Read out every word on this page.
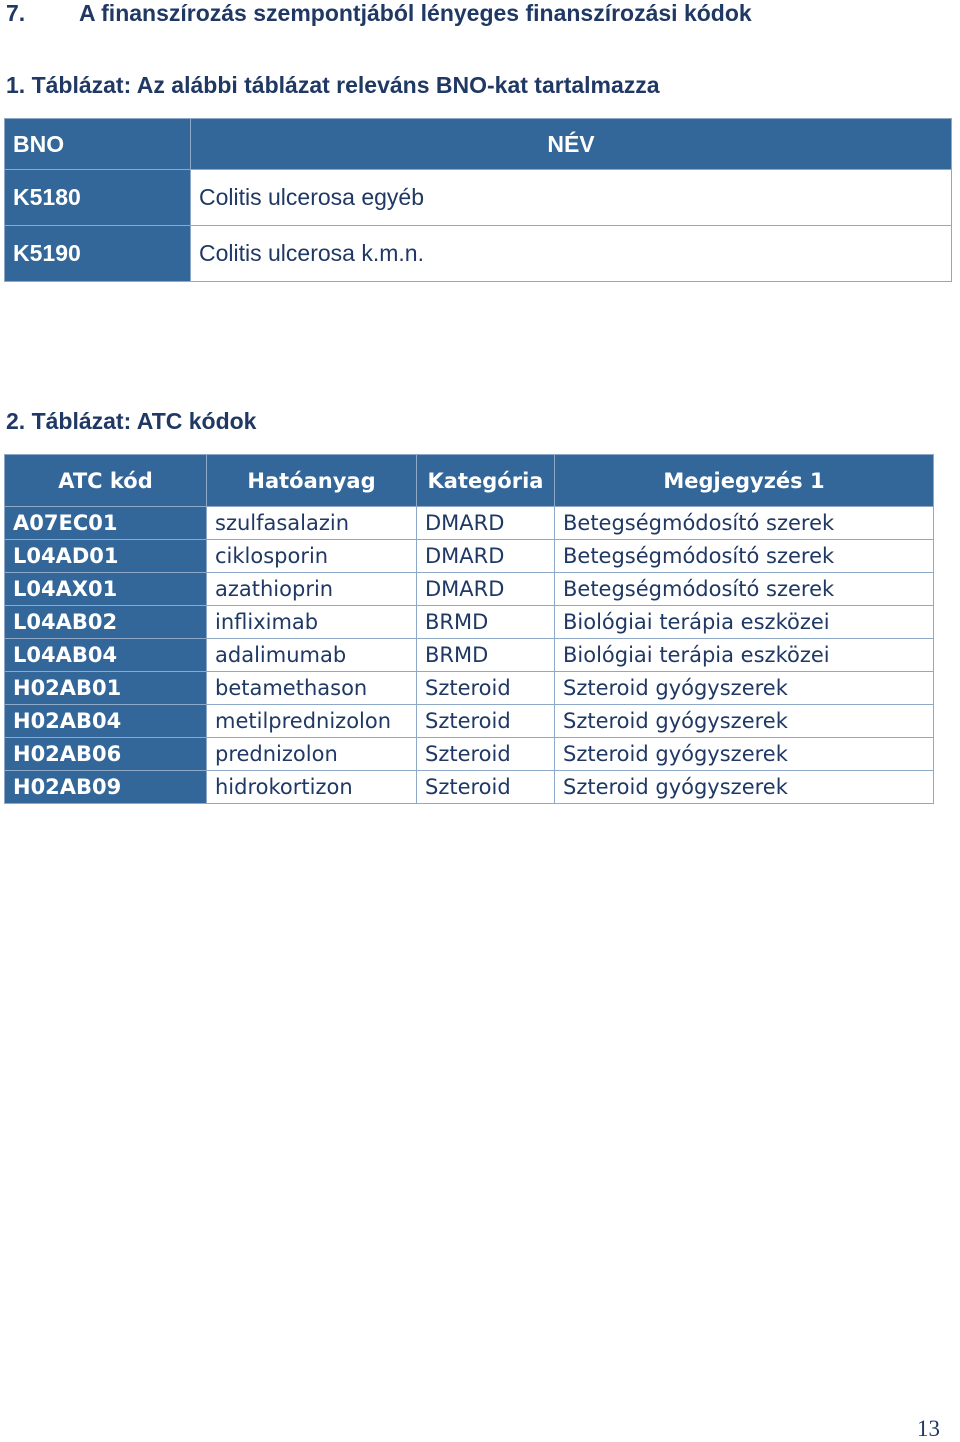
7. A finanszírozás szempontjából lényeges finanszírozási kódok
1. Táblázat: Az alábbi táblázat releváns BNO-kat tartalmazza
BNO	NÉV
K5180	Colitis ulcerosa egyéb
K5190	Colitis ulcerosa k.m.n.
2. Táblázat: ATC kódok
ATC kód	Hatóanyag	Kategória	Megjegyzés 1
A07EC01	szulfasalazin	DMARD	Betegségmódosító szerek
L04AD01	ciklosporin	DMARD	Betegségmódosító szerek
L04AX01	azathioprin	DMARD	Betegségmódosító szerek
L04AB02	infliximab	BRMD	Biológiai terápia eszközei
L04AB04	adalimumab	BRMD	Biológiai terápia eszközei
H02AB01	betamethason	Szteroid	Szteroid gyógyszerek
H02AB04	metilprednizolon	Szteroid	Szteroid gyógyszerek
H02AB06	prednizolon	Szteroid	Szteroid gyógyszerek
H02AB09	hidrokortizon	Szteroid	Szteroid gyógyszerek
13
